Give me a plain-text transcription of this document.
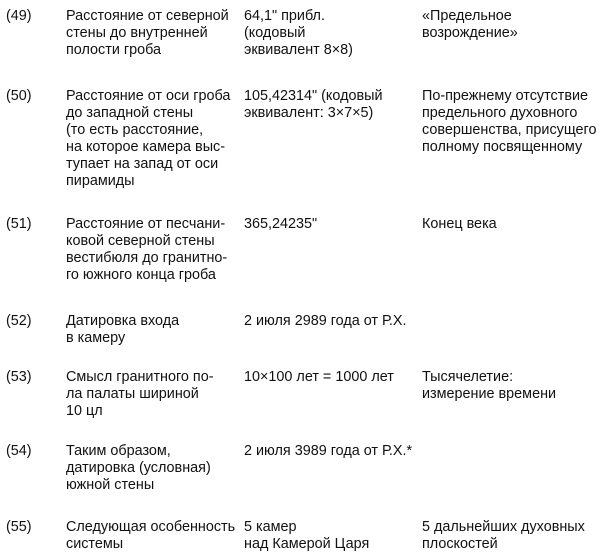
(49) Расстояние от северной
стены до внутренней
полости гроба
64,1" прибл.
(кодовый
эквивалент 8×8)
«Предельное
возрождение»
(50) Расстояние от оси гроба
до западной стены
(то есть расстояние,
на которое камера выс-
тупает на запад от оси
пирамиды
105,42314" (кодовый
эквивалент: 3×7×5)
По-прежнему отсутствие
предельного духовного
совершенства, присущего
полному посвященному
(51) Расстояние от песчани-
ковой северной стены
вестибюля до гранитно-
го южного конца гроба
365,24235"	Конец века
(52) Датировка входа
в камеру
2 июля 2989 года от Р.Х.
(53) Смысл гранитного по-
ла палаты шириной
10 цл
10×100 лет = 1000 лет	Тысячелетие:
измерение времени
(54) Таким образом,
датировка (условная)
южной стены
2 июля 3989 года от Р.Х.*
(55) Следующая особенность
системы
5 камер
над Камерой Царя
5 дальнейших духовных
плоскостей
